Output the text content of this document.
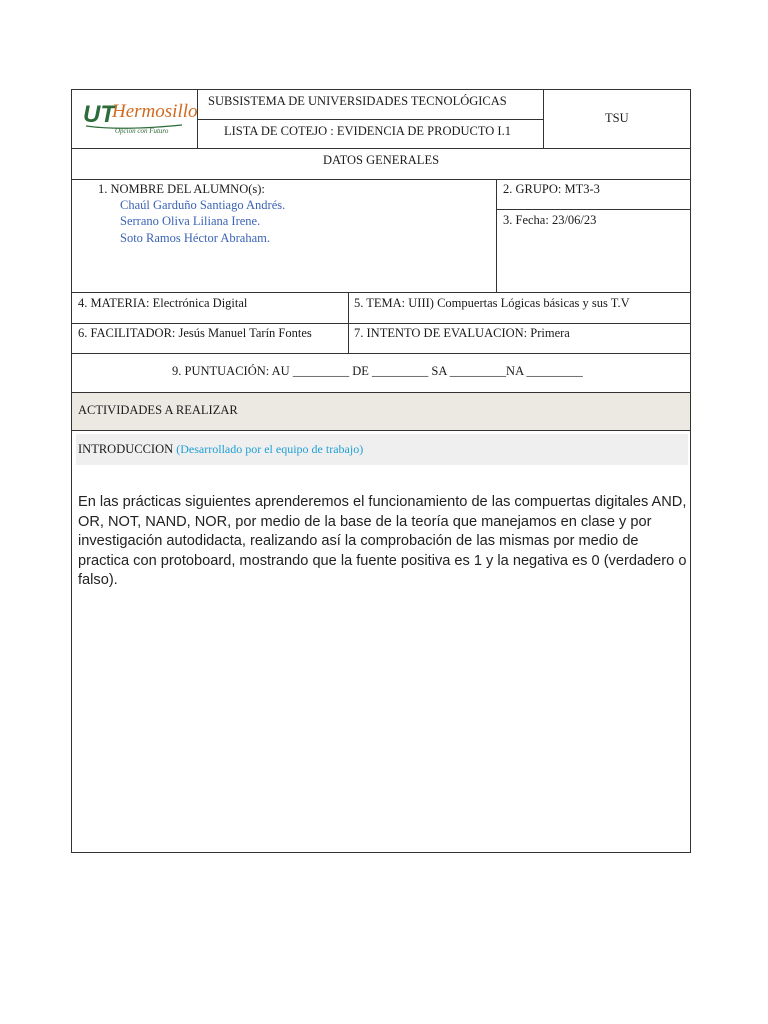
UT
Hermosillo
Opción con Futuro
SUBSISTEMA DE UNIVERSIDADES TECNOLÓGICAS
LISTA DE COTEJO : EVIDENCIA DE PRODUCTO I.1
TSU
DATOS GENERALES
1. NOMBRE DEL ALUMNO(s):
Chaúl Garduño Santiago Andrés.
Serrano Oliva Liliana Irene.
Soto Ramos Héctor Abraham.
2. GRUPO: MT3-3
3. Fecha: 23/06/23
4. MATERIA: Electrónica Digital	5. TEMA: UIII) Compuertas Lógicas básicas y sus T.V
6. FACILITADOR: Jesús Manuel Tarín Fontes	7. INTENTO DE EVALUACION: Primera
9. PUNTUACIÓN: AU _________ DE _________ SA _________NA _________
ACTIVIDADES A REALIZAR
INTRODUCCION (Desarrollado por el equipo de trabajo)
En las prácticas siguientes aprenderemos el funcionamiento de las compuertas digitales AND, OR, NOT, NAND, NOR, por medio de la base de la teoría que manejamos en clase y por investigación autodidacta, realizando así la comprobación de las mismas por medio de practica con protoboard, mostrando que la fuente positiva es 1 y la negativa es 0 (verdadero o falso).
